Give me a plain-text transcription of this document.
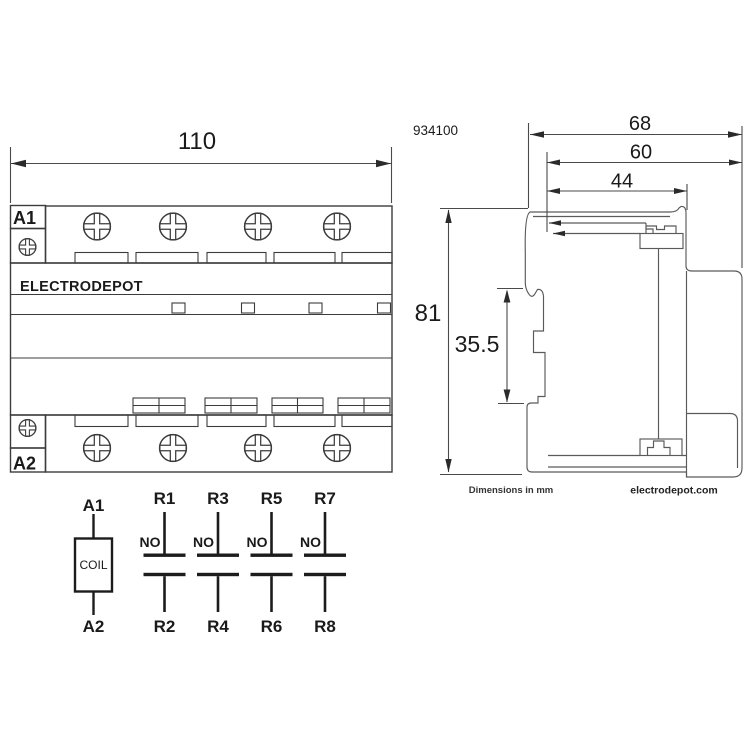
110
A1
A2
ELECTRODEPOT
934100	68
60
44
81
35.5
A1
COIL
A2
R1
NO
R2
R3
NO
R4
R5
NO
R6
R7
NO
R8
Dimensions in mm	electrodepot.com
